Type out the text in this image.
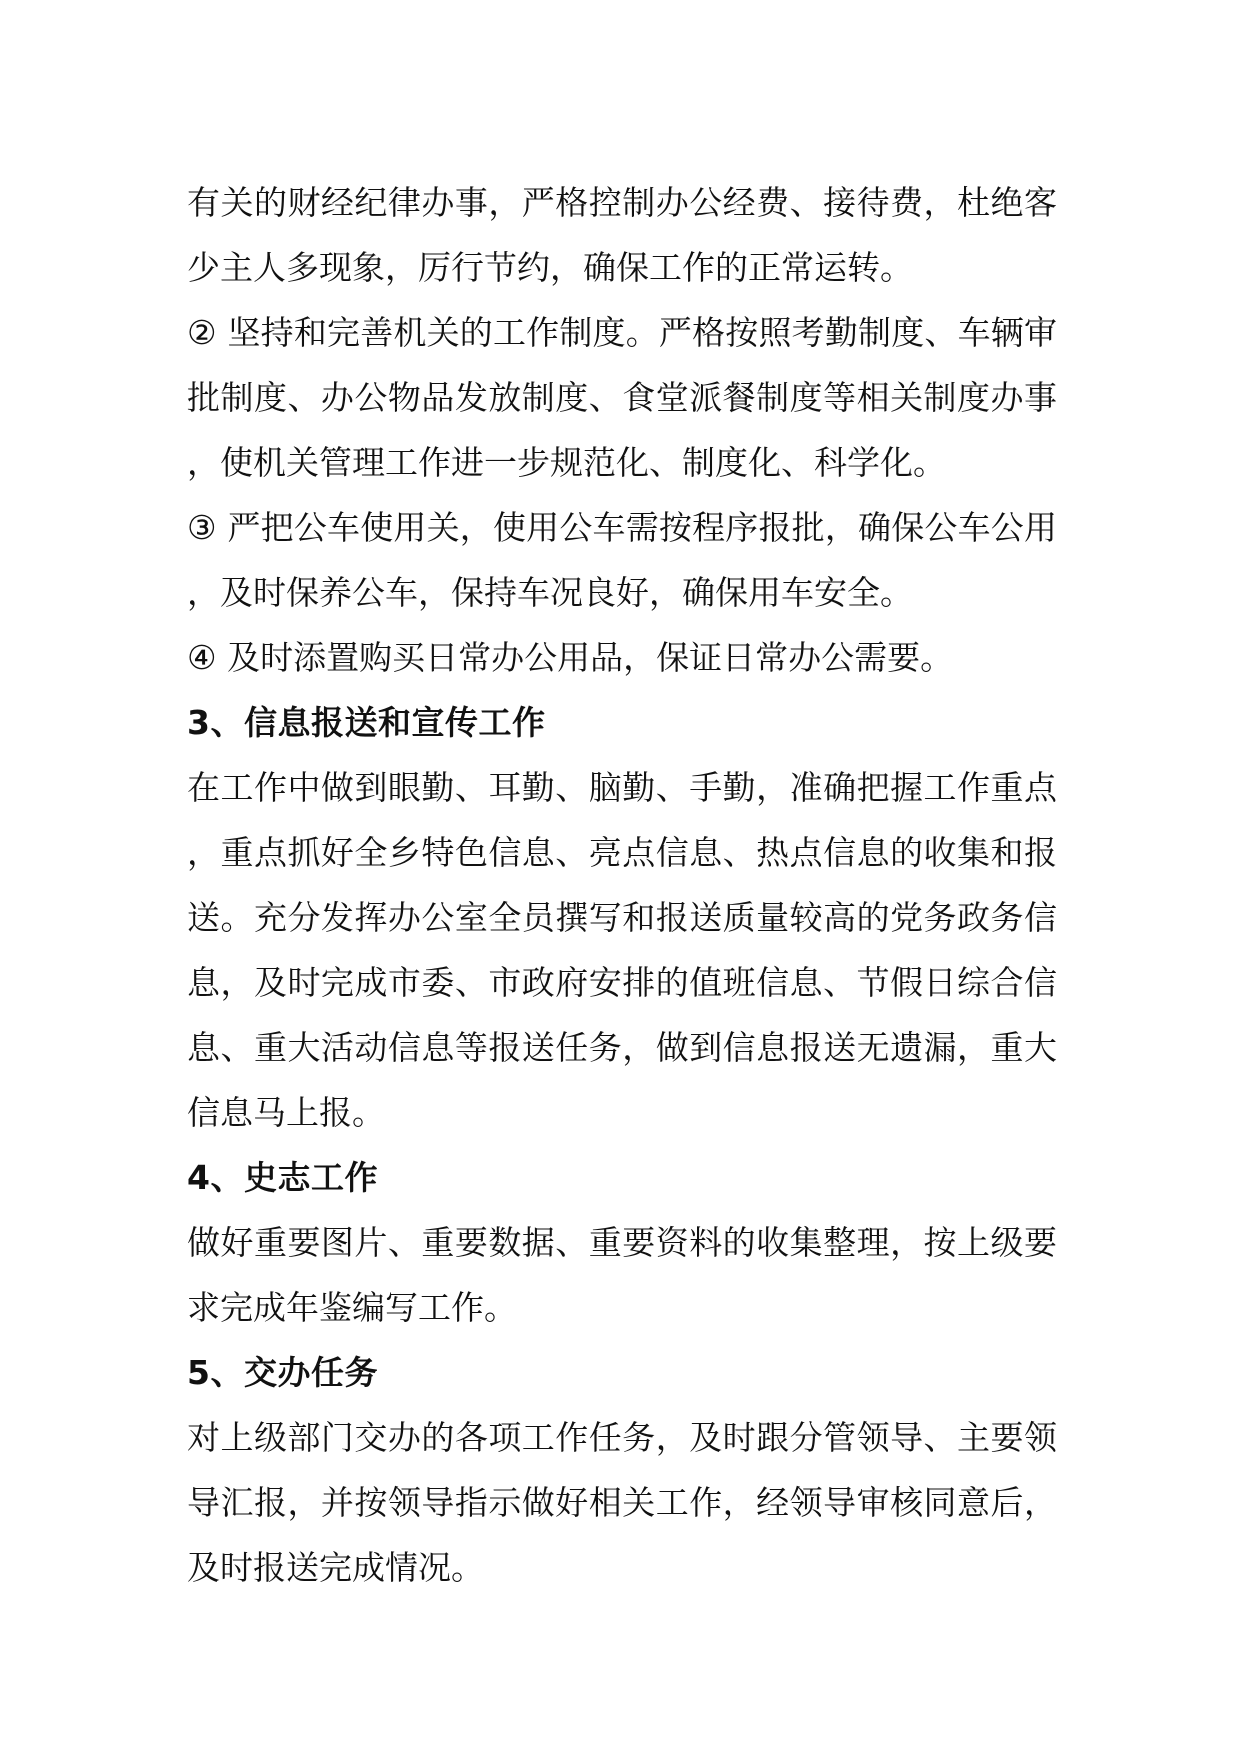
有关的财经纪律办事，严格控制办公经费、接待费，杜绝客少主人多现象，厉行节约，确保工作的正常运转。

② 坚持和完善机关的工作制度。严格按照考勤制度、车辆审批制度、办公物品发放制度、食堂派餐制度等相关制度办事，使机关管理工作进一步规范化、制度化、科学化。

③ 严把公车使用关，使用公车需按程序报批，确保公车公用，及时保养公车，保持车况良好，确保用车安全。

④ 及时添置购买日常办公用品，保证日常办公需要。

3、信息报送和宣传工作

在工作中做到眼勤、耳勤、脑勤、手勤，准确把握工作重点，重点抓好全乡特色信息、亮点信息、热点信息的收集和报送。充分发挥办公室全员撰写和报送质量较高的党务政务信息，及时完成市委、市政府安排的值班信息、节假日综合信息、重大活动信息等报送任务，做到信息报送无遗漏，重大信息马上报。

4、史志工作

做好重要图片、重要数据、重要资料的收集整理，按上级要求完成年鉴编写工作。

5、交办任务

对上级部门交办的各项工作任务，及时跟分管领导、主要领导汇报，并按领导指示做好相关工作，经领导审核同意后，及时报送完成情况。
